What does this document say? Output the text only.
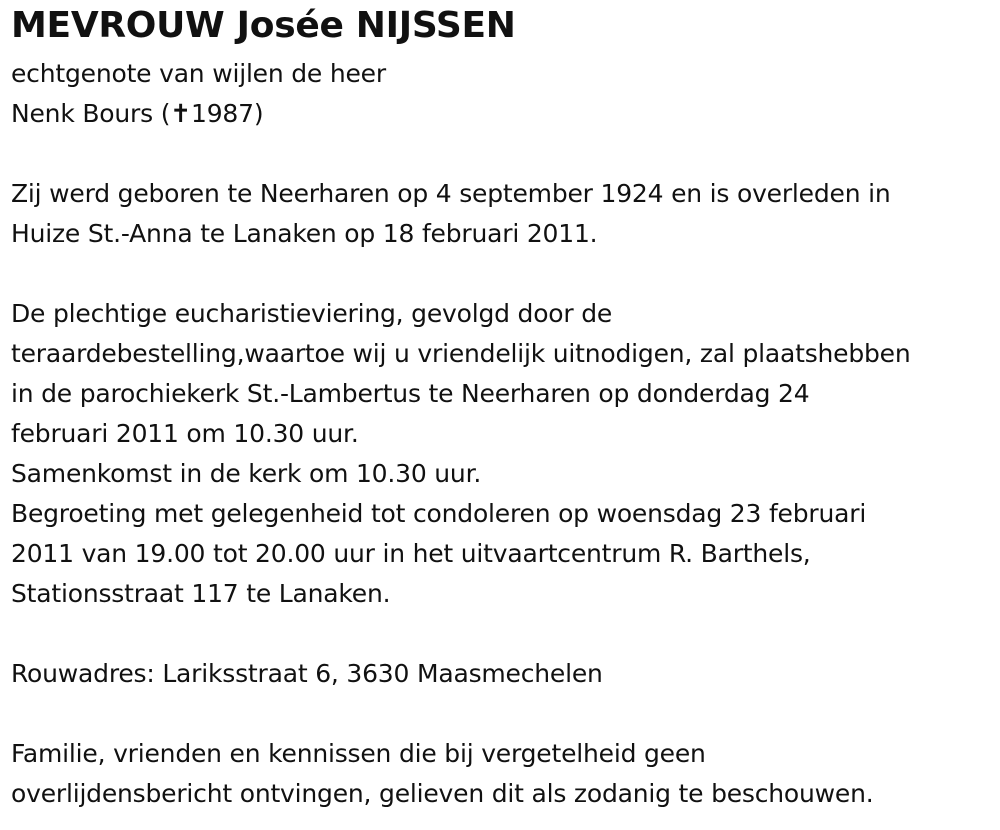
MEVROUW Josée NIJSSEN
echtgenote van wijlen de heer
Nenk Bours (✝1987)
Zij werd geboren te Neerharen op 4 september 1924 en is overleden in
Huize St.-Anna te Lanaken op 18 februari 2011.
De plechtige eucharistieviering, gevolgd door de
teraardebestelling,waartoe wij u vriendelijk uitnodigen, zal plaatshebben
in de parochiekerk St.-Lambertus te Neerharen op donderdag 24
februari 2011 om 10.30 uur.
Samenkomst in de kerk om 10.30 uur.
Begroeting met gelegenheid tot condoleren op woensdag 23 februari
2011 van 19.00 tot 20.00 uur in het uitvaartcentrum R. Barthels,
Stationsstraat 117 te Lanaken.
Rouwadres: Lariksstraat 6, 3630 Maasmechelen
Familie, vrienden en kennissen die bij vergetelheid geen
overlijdensbericht ontvingen, gelieven dit als zodanig te beschouwen.
